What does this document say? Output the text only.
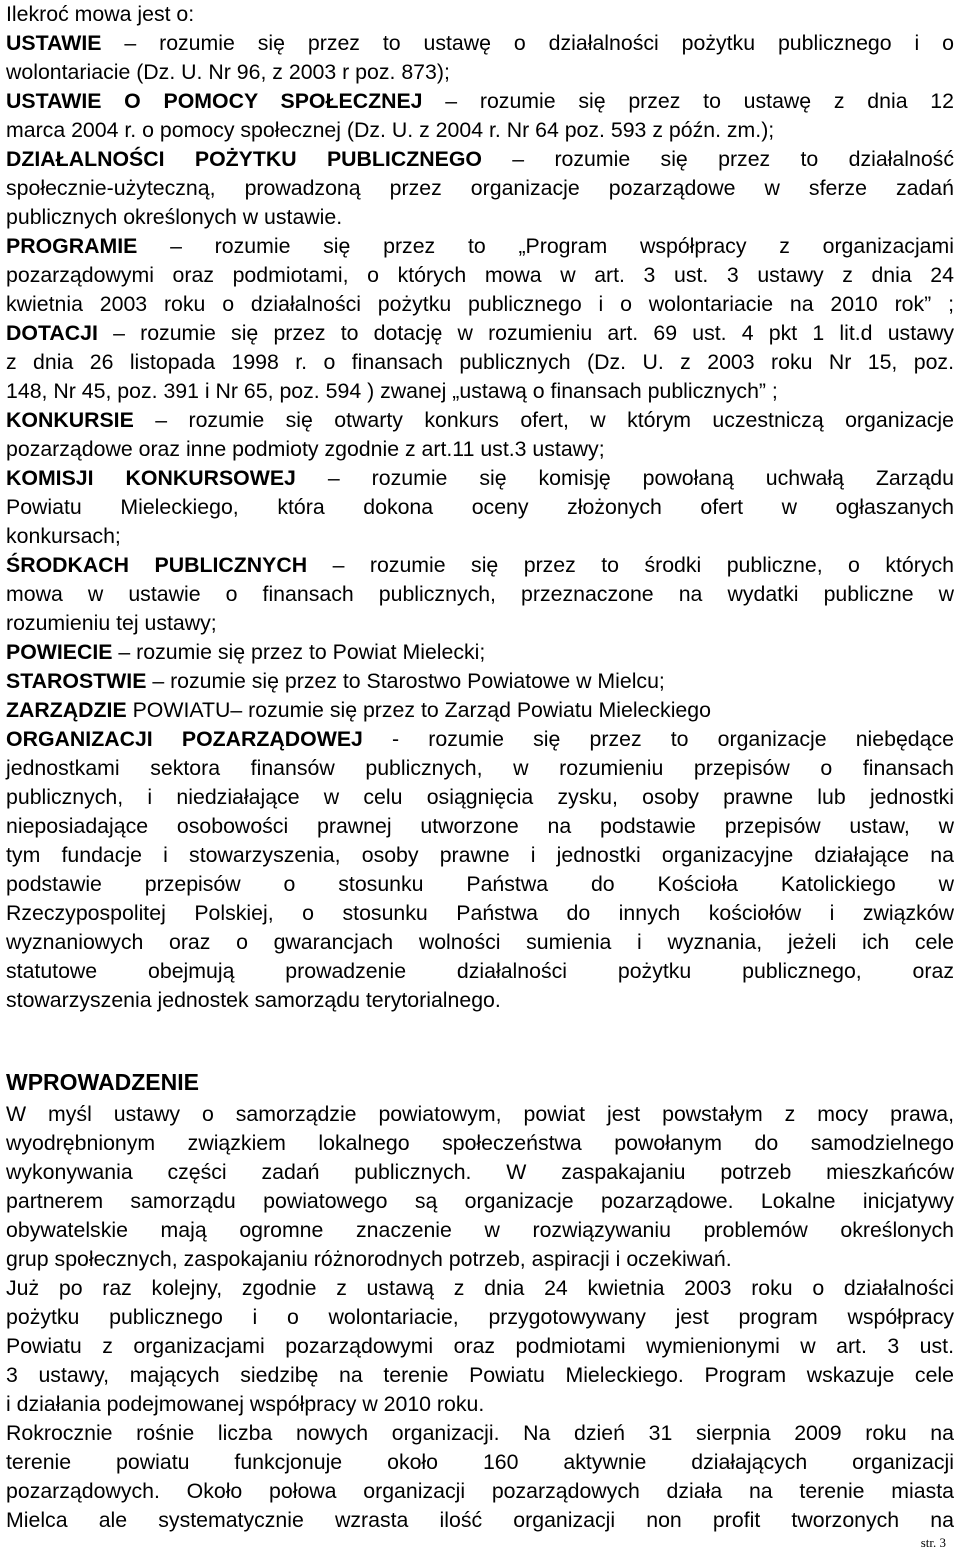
Ilekroć mowa jest o:
USTAWIE – rozumie się przez to ustawę o działalności pożytku publicznego i o
wolontariacie (Dz. U. Nr 96, z 2003 r poz. 873);
USTAWIE O POMOCY SPOŁECZNEJ – rozumie się przez to ustawę z dnia 12
marca 2004 r. o pomocy społecznej (Dz. U. z 2004 r. Nr 64 poz. 593 z późn. zm.);
DZIAŁALNOŚCI POŻYTKU PUBLICZNEGO – rozumie się przez to działalność
społecznie-użyteczną, prowadzoną przez organizacje pozarządowe w sferze zadań
publicznych określonych w ustawie.
PROGRAMIE – rozumie się przez to „Program współpracy z organizacjami
pozarządowymi oraz podmiotami, o których mowa w art. 3 ust. 3 ustawy z dnia 24
kwietnia 2003 roku o działalności pożytku publicznego i o wolontariacie na 2010 rok” ;
DOTACJI – rozumie się przez to dotację w rozumieniu art. 69 ust. 4 pkt 1 lit.d ustawy
z dnia 26 listopada 1998 r. o finansach publicznych (Dz. U. z 2003 roku Nr 15, poz.
148, Nr 45, poz. 391 i Nr 65, poz. 594 ) zwanej „ustawą o finansach publicznych” ;
KONKURSIE – rozumie się otwarty konkurs ofert, w którym uczestniczą organizacje
pozarządowe oraz inne podmioty zgodnie z art.11 ust.3 ustawy;
KOMISJI KONKURSOWEJ – rozumie się komisję powołaną uchwałą Zarządu
Powiatu Mieleckiego, która dokona oceny złożonych ofert w ogłaszanych
konkursach;
ŚRODKACH PUBLICZNYCH – rozumie się przez to środki publiczne, o których
mowa w ustawie o finansach publicznych, przeznaczone na wydatki publiczne w
rozumieniu tej ustawy;
POWIECIE – rozumie się przez to Powiat Mielecki;
STAROSTWIE – rozumie się przez to Starostwo Powiatowe w Mielcu;
ZARZĄDZIE POWIATU– rozumie się przez to Zarząd Powiatu Mieleckiego
ORGANIZACJI POZARZĄDOWEJ - rozumie się przez to organizacje niebędące
jednostkami sektora finansów publicznych, w rozumieniu przepisów o finansach
publicznych, i niedziałające w celu osiągnięcia zysku, osoby prawne lub jednostki
nieposiadające osobowości prawnej utworzone na podstawie przepisów ustaw, w
tym fundacje i stowarzyszenia, osoby prawne i jednostki organizacyjne działające na
podstawie przepisów o stosunku Państwa do Kościoła Katolickiego w
Rzeczypospolitej Polskiej, o stosunku Państwa do innych kościołów i związków
wyznaniowych oraz o gwarancjach wolności sumienia i wyznania, jeżeli ich cele
statutowe obejmują prowadzenie działalności pożytku publicznego, oraz
stowarzyszenia jednostek samorządu terytorialnego.
WPROWADZENIE
W myśl ustawy o samorządzie powiatowym, powiat jest powstałym z mocy prawa,
wyodrębnionym związkiem lokalnego społeczeństwa powołanym do samodzielnego
wykonywania części zadań publicznych. W zaspakajaniu potrzeb mieszkańców
partnerem samorządu powiatowego są organizacje pozarządowe. Lokalne inicjatywy
obywatelskie mają ogromne znaczenie w rozwiązywaniu problemów określonych
grup społecznych, zaspokajaniu różnorodnych potrzeb, aspiracji i oczekiwań.
Już po raz kolejny, zgodnie z ustawą z dnia 24 kwietnia 2003 roku o działalności
pożytku publicznego i o wolontariacie, przygotowywany jest program współpracy
Powiatu z organizacjami pozarządowymi oraz podmiotami wymienionymi w art. 3 ust.
3 ustawy, mających siedzibę na terenie Powiatu Mieleckiego. Program wskazuje cele
i działania podejmowanej współpracy w 2010 roku.
Rokrocznie rośnie liczba nowych organizacji. Na dzień 31 sierpnia 2009 roku na
terenie powiatu funkcjonuje około 160 aktywnie działających organizacji
pozarządowych. Około połowa organizacji pozarządowych działa na terenie miasta
Mielca ale systematycznie wzrasta ilość organizacji non profit tworzonych na
str. 3
